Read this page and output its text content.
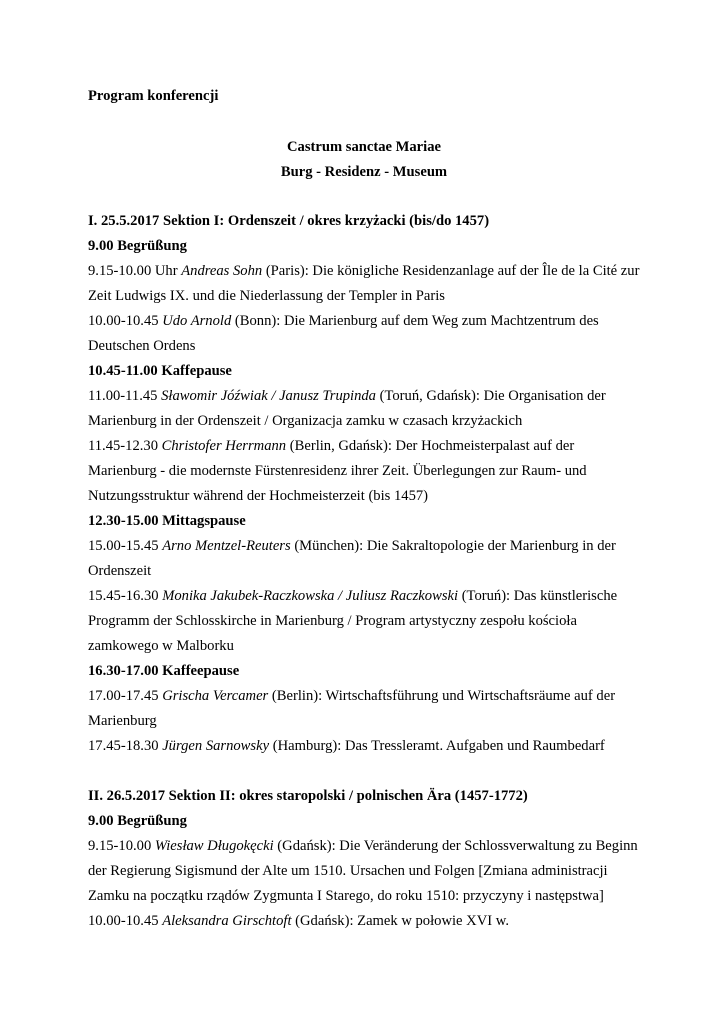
Program konferencji

Castrum sanctae Mariae
Burg - Residenz - Museum
I. 25.5.2017 Sektion I: Ordenszeit / okres krzyżacki (bis/do 1457)
9.00 Begrüßung

9.15-10.00 Uhr Andreas Sohn (Paris): Die königliche Residenzanlage auf der Île de la Cité zur Zeit Ludwigs IX. und die Niederlassung der Templer in Paris

10.00-10.45 Udo Arnold (Bonn): Die Marienburg auf dem Weg zum Machtzentrum des Deutschen Ordens

10.45-11.00 Kaffepause

11.00-11.45 Sławomir Jóźwiak / Janusz Trupinda (Toruń, Gdańsk): Die Organisation der Marienburg in der Ordenszeit / Organizacja zamku w czasach krzyżackich

11.45-12.30 Christofer Herrmann (Berlin, Gdańsk): Der Hochmeisterpalast auf der Marienburg - die modernste Fürstenresidenz ihrer Zeit. Überlegungen zur Raum- und Nutzungsstruktur während der Hochmeisterzeit (bis 1457)

12.30-15.00 Mittagspause

15.00-15.45 Arno Mentzel-Reuters (München): Die Sakraltopologie der Marienburg in der Ordenszeit

15.45-16.30 Monika Jakubek-Raczkowska / Juliusz Raczkowski (Toruń): Das künstlerische Programm der Schlosskirche in Marienburg / Program artystyczny zespołu kościoła zamkowego w Malborku

16.30-17.00 Kaffeepause

17.00-17.45 Grischa Vercamer (Berlin): Wirtschaftsführung und Wirtschaftsräume auf der Marienburg

17.45-18.30 Jürgen Sarnowsky (Hamburg): Das Tressleramt. Aufgaben und Raumbedarf

II. 26.5.2017 Sektion II: okres staropolski / polnischen Ära (1457-1772)
9.00 Begrüßung

9.15-10.00 Wiesław Długokęcki (Gdańsk): Die Veränderung der Schlossverwaltung zu Beginn der Regierung Sigismund der Alte um 1510. Ursachen und Folgen [Zmiana administracji Zamku na początku rządów Zygmunta I Starego, do roku 1510: przyczyny i następstwa]

10.00-10.45 Aleksandra Girschtoft (Gdańsk): Zamek w połowie XVI w.
